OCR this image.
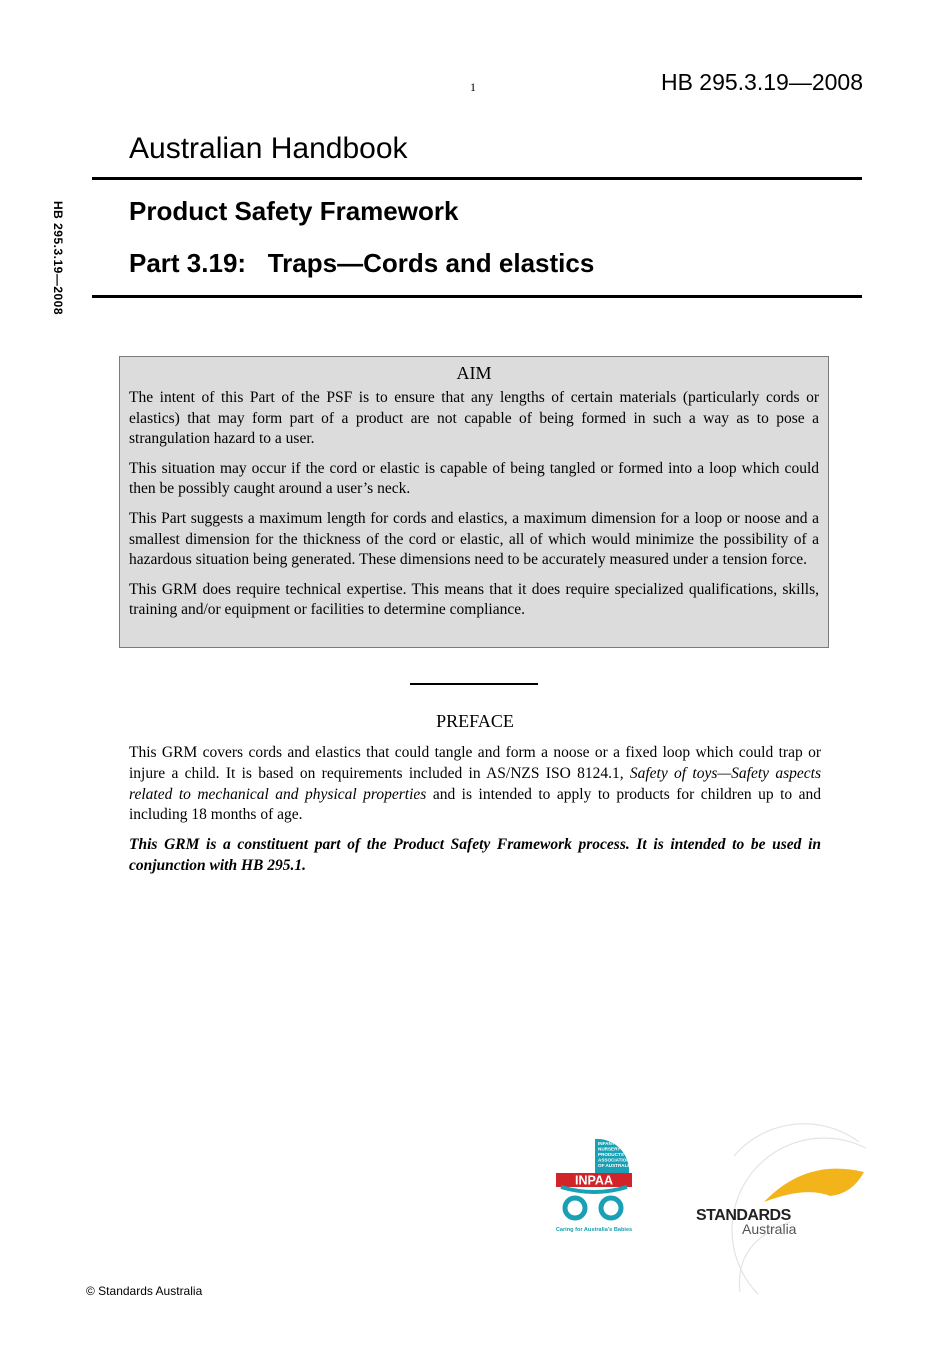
1	HB 295.3.19—2008
HB 295.3.19—2008
Australian Handbook
Product Safety Framework
Part 3.19:   Traps—Cords and elastics
AIM

The intent of this Part of the PSF is to ensure that any lengths of certain materials (particularly cords or elastics) that may form part of a product are not capable of being formed in such a way as to pose a strangulation hazard to a user.

This situation may occur if the cord or elastic is capable of being tangled or formed into a loop which could then be possibly caught around a user’s neck.

This Part suggests a maximum length for cords and elastics, a maximum dimension for a loop or noose and a smallest dimension for the thickness of the cord or elastic, all of which would minimize the possibility of a hazardous situation being generated. These dimensions need to be accurately measured under a tension force.

This GRM does require technical expertise. This means that it does require specialized qualifications, skills, training and/or equipment or facilities to determine compliance.

PREFACE

This GRM covers cords and elastics that could tangle and form a noose or a fixed loop which could trap or injure a child. It is based on requirements included in AS/NZS ISO 8124.1, Safety of toys—Safety aspects related to mechanical and physical properties and is intended to apply to products for children up to and including 18 months of age.

This GRM is a constituent part of the Product Safety Framework process. It is intended to be used in conjunction with HB 295.1.

INFANT &
NURSERY
PRODUCTS
ASSOCIATION
OF AUSTRALIA
INPAA
Caring for Australia's Babies
STANDARDS
Australia
© Standards Australia
